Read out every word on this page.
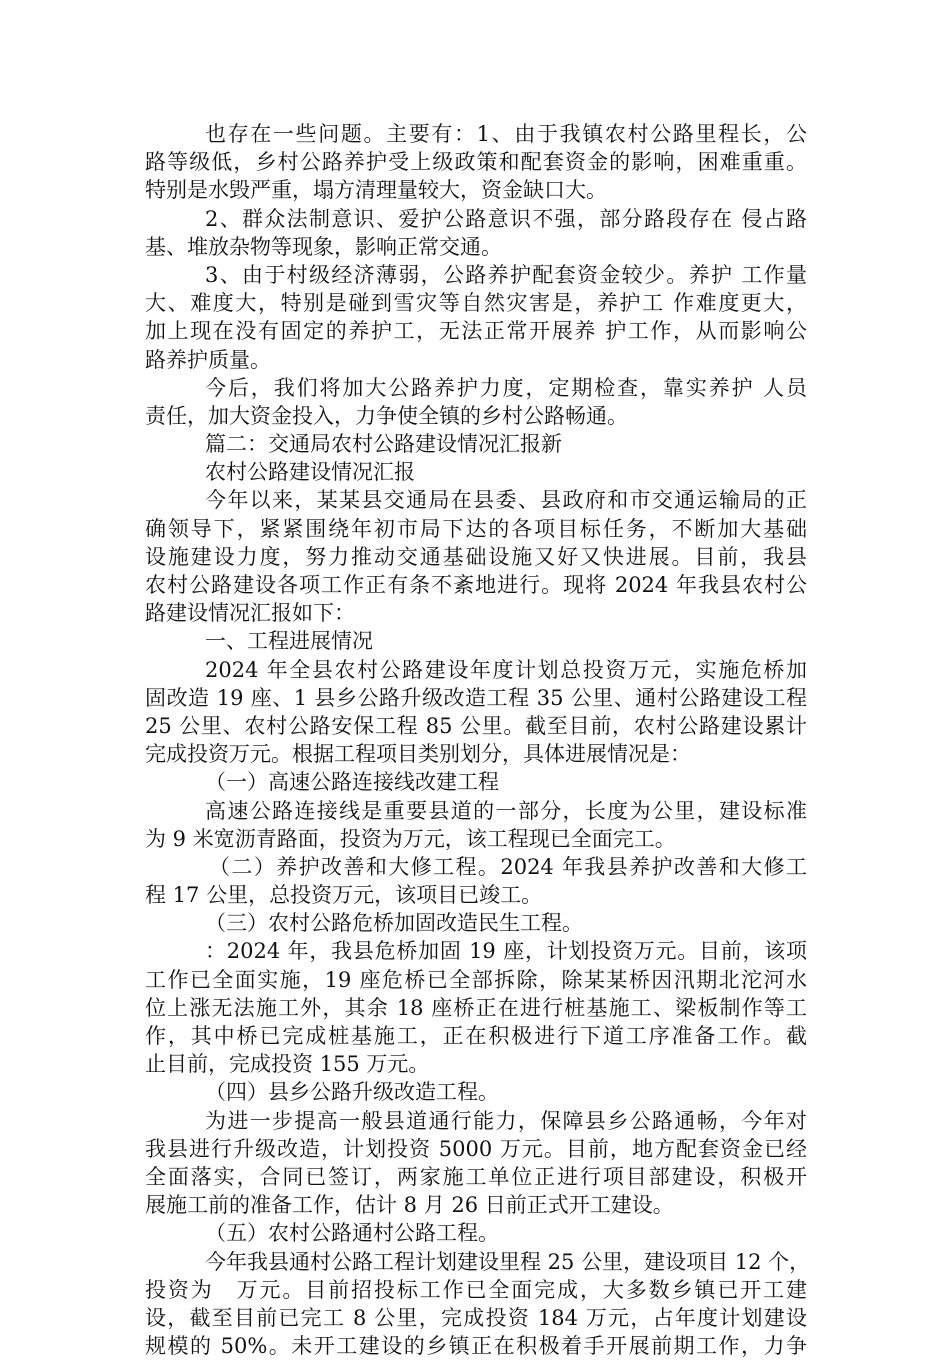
也存在一些问题。主要有：1、由于我镇农村公路里程长，公
路等级低，乡村公路养护受上级政策和配套资金的影响，困难重重。
特别是水毁严重，塌方清理量较大，资金缺口大。
2、群众法制意识、爱护公路意识不强，部分路段存在 侵占路
基、堆放杂物等现象，影响正常交通。
3、由于村级经济薄弱，公路养护配套资金较少。养护 工作量
大、难度大，特别是碰到雪灾等自然灾害是，养护工 作难度更大，
加上现在没有固定的养护工，无法正常开展养 护工作，从而影响公
路养护质量。
今后，我们将加大公路养护力度，定期检查，靠实养护 人员
责任，加大资金投入，力争使全镇的乡村公路畅通。
篇二：交通局农村公路建设情况汇报新
农村公路建设情况汇报
今年以来，某某县交通局在县委、县政府和市交通运输局的正
确领导下，紧紧围绕年初市局下达的各项目标任务，不断加大基础
设施建设力度，努力推动交通基础设施又好又快进展。目前，我县
农村公路建设各项工作正有条不紊地进行。现将 2024 年我县农村公
路建设情况汇报如下：
一、工程进展情况
2024 年全县农村公路建设年度计划总投资万元，实施危桥加
固改造 19 座、1 县乡公路升级改造工程 35 公里、通村公路建设工程
25 公里、农村公路安保工程 85 公里。截至目前，农村公路建设累计
完成投资万元。根据工程项目类别划分，具体进展情况是：
（一）高速公路连接线改建工程
高速公路连接线是重要县道的一部分，长度为公里，建设标准
为 9 米宽沥青路面，投资为万元，该工程现已全面完工。
（二）养护改善和大修工程。2024 年我县养护改善和大修工
程 17 公里，总投资万元，该项目已竣工。
（三）农村公路危桥加固改造民生工程。
：2024 年，我县危桥加固 19 座，计划投资万元。目前，该项
工作已全面实施，19 座危桥已全部拆除，除某某桥因汛期北沱河水
位上涨无法施工外，其余 18 座桥正在进行桩基施工、梁板制作等工
作，其中桥已完成桩基施工，正在积极进行下道工序准备工作。截
止目前，完成投资 155 万元。
（四）县乡公路升级改造工程。
为进一步提高一般县道通行能力，保障县乡公路通畅，今年对
我县进行升级改造，计划投资 5000 万元。目前，地方配套资金已经
全面落实，合同已签订，两家施工单位正进行项目部建设，积极开
展施工前的准备工作，估计 8 月 26 日前正式开工建设。
（五）农村公路通村公路工程。
今年我县通村公路工程计划建设里程 25 公里，建设项目 12 个，
投资为　万元。目前招投标工作已全面完成，大多数乡镇已开工建
设，截至目前已完工 8 公里，完成投资 184 万元，占年度计划建设
规模的 50%。未开工建设的乡镇正在积极着手开展前期工作，力争
